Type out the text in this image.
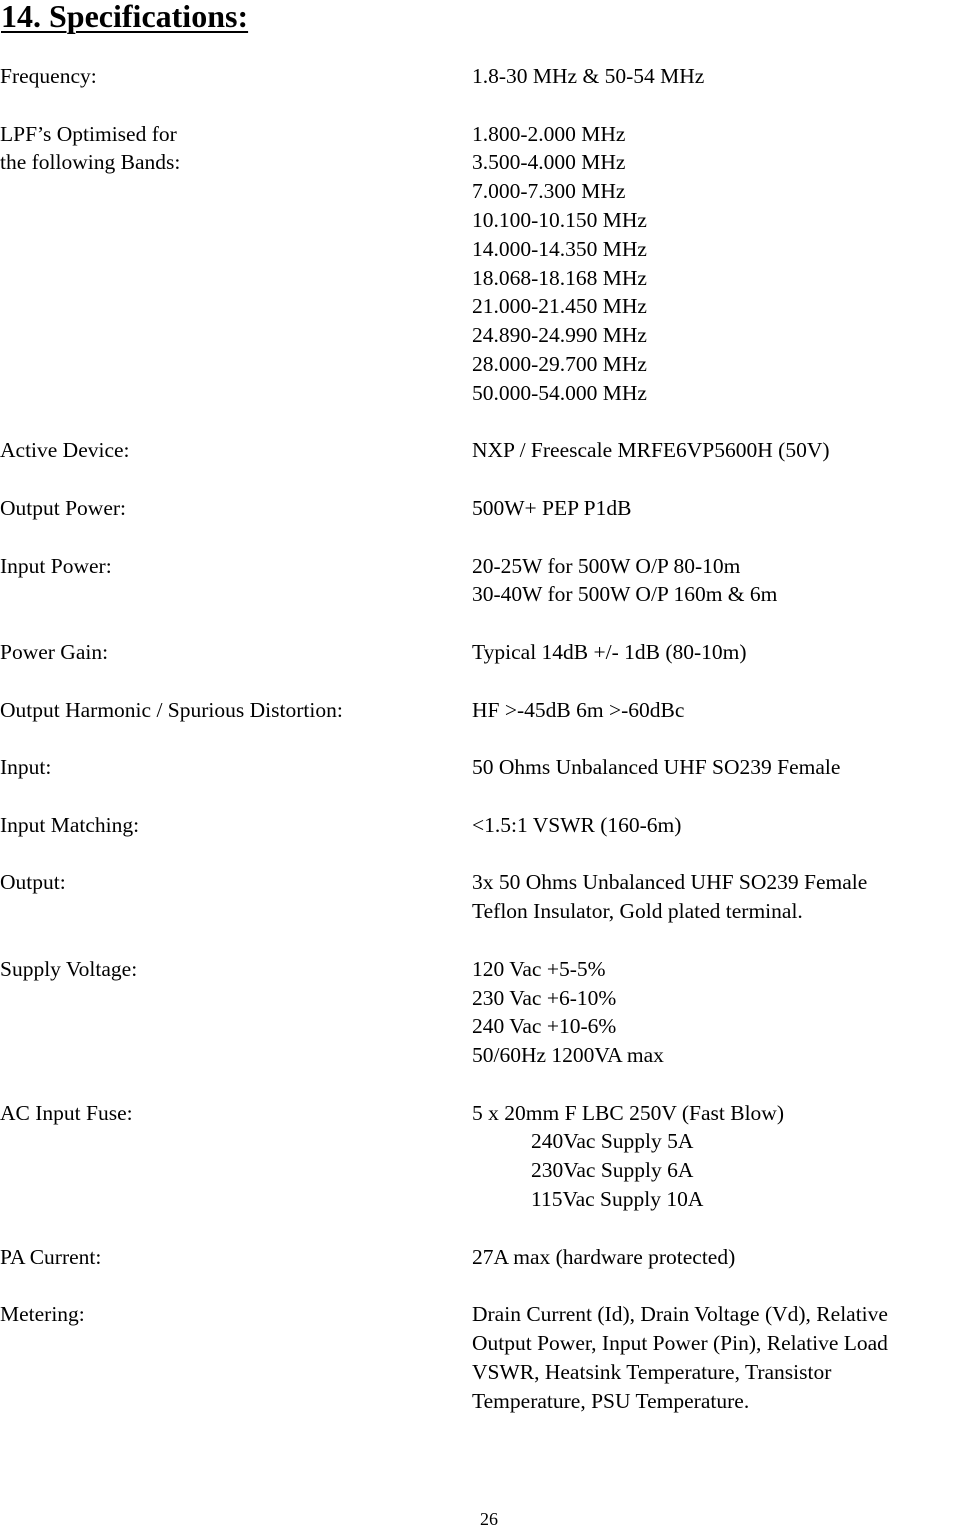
14. Specifications:
Frequency:	1.8-30 MHz & 50-54 MHz
LPF’s Optimised for
the following Bands:
1.800-2.000 MHz
3.500-4.000 MHz
7.000-7.300 MHz
10.100-10.150 MHz
14.000-14.350 MHz
18.068-18.168 MHz
21.000-21.450 MHz
24.890-24.990 MHz
28.000-29.700 MHz
50.000-54.000 MHz
Active Device:	NXP / Freescale MRFE6VP5600H (50V)
Output Power:	500W+ PEP P1dB
Input Power:	20-25W for 500W O/P 80-10m
30-40W for 500W O/P 160m & 6m
Power Gain:	Typical 14dB +/- 1dB (80-10m)
Output Harmonic / Spurious Distortion:	HF >-45dB 6m >-60dBc
Input:	50 Ohms Unbalanced UHF SO239 Female
Input Matching:	<1.5:1 VSWR (160-6m)
Output:	3x 50 Ohms Unbalanced UHF SO239 Female
Teflon Insulator, Gold plated terminal.
Supply Voltage:	120 Vac +5-5%
230 Vac +6-10%
240 Vac +10-6%
50/60Hz 1200VA max
AC Input Fuse:	5 x 20mm F LBC 250V (Fast Blow)
240Vac Supply 5A
230Vac Supply 6A
115Vac Supply 10A
PA Current:	27A max (hardware protected)
Metering:	Drain Current (Id), Drain Voltage (Vd), Relative
Output Power, Input Power (Pin), Relative Load
VSWR, Heatsink Temperature, Transistor
Temperature, PSU Temperature.
26
